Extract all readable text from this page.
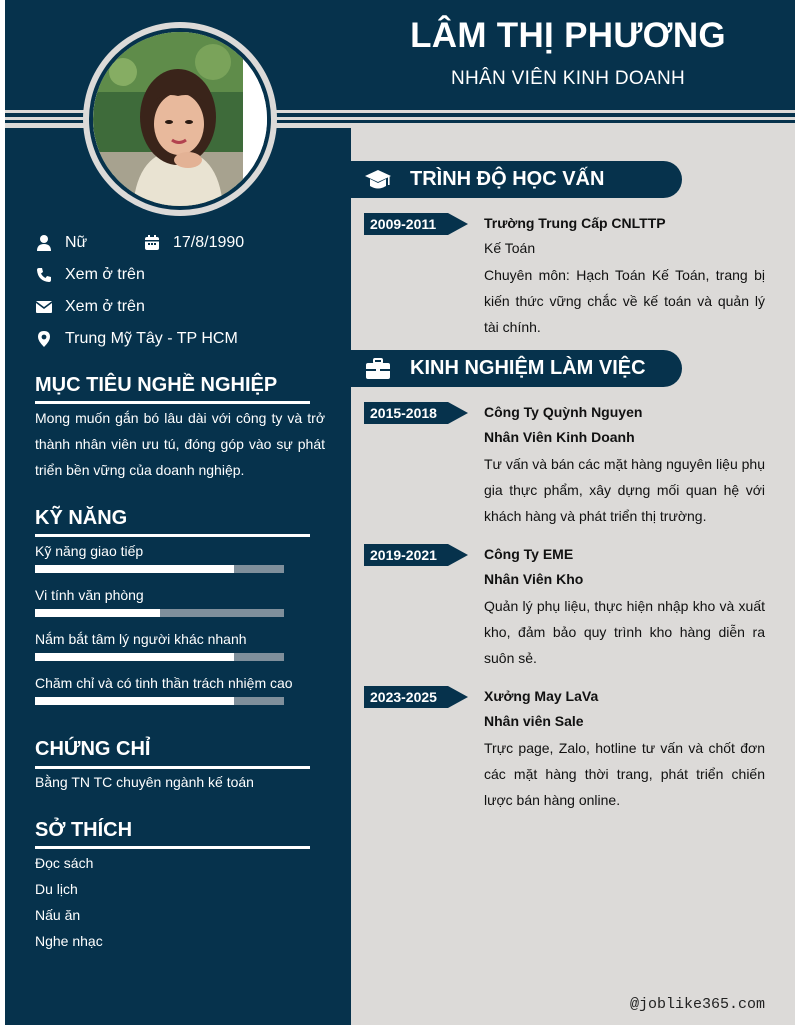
LÂM THỊ PHƯƠNG
NHÂN VIÊN KINH DOANH
Nữ	17/8/1990
Xem ở trên
Xem ở trên
Trung Mỹ Tây - TP HCM
MỤC TIÊU NGHỀ NGHIỆP
Mong muốn gắn bó lâu dài với công ty và trở thành nhân viên ưu tú, đóng góp vào sự phát triển bền vững của doanh nghiệp.
KỸ NĂNG
Kỹ năng giao tiếp
Vi tính văn phòng
Nắm bắt tâm lý người khác nhanh
Chăm chỉ và có tinh thần trách nhiệm cao
CHỨNG CHỈ
Bằng TN TC chuyên ngành kế toán
SỞ THÍCH
Đọc sách
Du lịch
Nấu ăn
Nghe nhạc
TRÌNH ĐỘ HỌC VẤN
2009-2011	Trường Trung Cấp CNLTTP
Kế Toán
Chuyên môn: Hạch Toán Kế Toán, trang bị kiến thức vững chắc về kế toán và quản lý tài chính.
KINH NGHIỆM LÀM VIỆC
2015-2018	Công Ty Quỳnh Nguyen
Nhân Viên Kinh Doanh
Tư vấn và bán các mặt hàng nguyên liệu phụ gia thực phẩm, xây dựng mối quan hệ với khách hàng và phát triển thị trường.
2019-2021	Công Ty EME
Nhân Viên Kho
Quản lý phụ liệu, thực hiện nhập kho và xuất kho, đảm bảo quy trình kho hàng diễn ra suôn sẻ.
2023-2025	Xưởng May LaVa
Nhân viên Sale
Trực page, Zalo, hotline tư vấn và chốt đơn các mặt hàng thời trang, phát triển chiến lược bán hàng online.
@joblike365.com
